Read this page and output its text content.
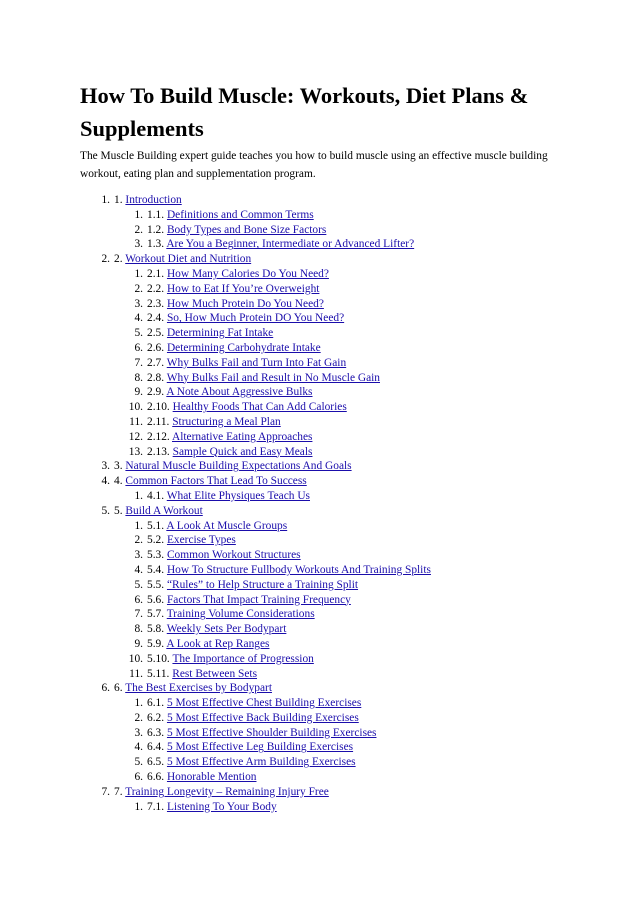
How To Build Muscle: Workouts, Diet Plans & Supplements

The Muscle Building expert guide teaches you how to build muscle using an effective muscle building workout, eating plan and supplementation program.

1. 1. Introduction
1. 1.1. Definitions and Common Terms
2. 1.2. Body Types and Bone Size Factors
3. 1.3. Are You a Beginner, Intermediate or Advanced Lifter?
2. 2. Workout Diet and Nutrition
1. 2.1. How Many Calories Do You Need?
2. 2.2. How to Eat If You’re Overweight
3. 2.3. How Much Protein Do You Need?
4. 2.4. So, How Much Protein DO You Need?
5. 2.5. Determining Fat Intake
6. 2.6. Determining Carbohydrate Intake
7. 2.7. Why Bulks Fail and Turn Into Fat Gain
8. 2.8. Why Bulks Fail and Result in No Muscle Gain
9. 2.9. A Note About Aggressive Bulks
10. 2.10. Healthy Foods That Can Add Calories
11. 2.11. Structuring a Meal Plan
12. 2.12. Alternative Eating Approaches
13. 2.13. Sample Quick and Easy Meals
3. 3. Natural Muscle Building Expectations And Goals
4. 4. Common Factors That Lead To Success
1. 4.1. What Elite Physiques Teach Us
5. 5. Build A Workout
1. 5.1. A Look At Muscle Groups
2. 5.2. Exercise Types
3. 5.3. Common Workout Structures
4. 5.4. How To Structure Fullbody Workouts And Training Splits
5. 5.5. “Rules” to Help Structure a Training Split
6. 5.6. Factors That Impact Training Frequency
7. 5.7. Training Volume Considerations
8. 5.8. Weekly Sets Per Bodypart
9. 5.9. A Look at Rep Ranges
10. 5.10. The Importance of Progression
11. 5.11. Rest Between Sets
6. 6. The Best Exercises by Bodypart
1. 6.1. 5 Most Effective Chest Building Exercises
2. 6.2. 5 Most Effective Back Building Exercises
3. 6.3. 5 Most Effective Shoulder Building Exercises
4. 6.4. 5 Most Effective Leg Building Exercises
5. 6.5. 5 Most Effective Arm Building Exercises
6. 6.6. Honorable Mention
7. 7. Training Longevity – Remaining Injury Free
1. 7.1. Listening To Your Body
